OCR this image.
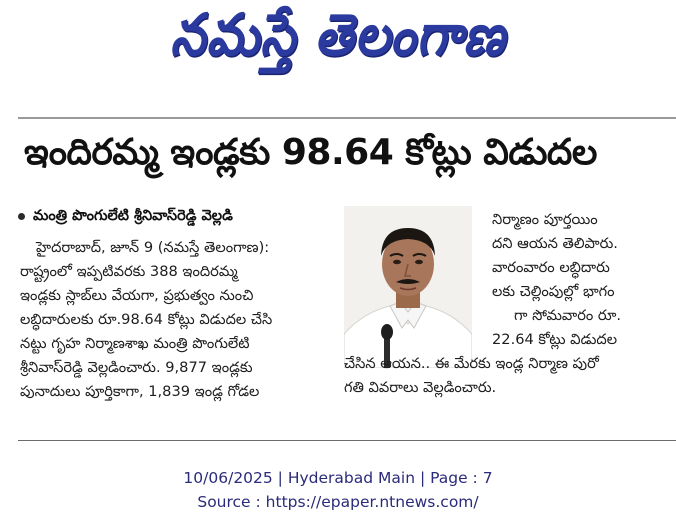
నమస్తే తెలంగాణ
ఇందిరమ్మ ఇండ్లకు 98.64 కోట్లు విడుదల
మంత్రి పొంగులేటి శ్రీనివాస్‌రెడ్డి వెల్లడి
హైదరాబాద్, జూన్ 9 (నమస్తే తెలంగాణ):
రాష్ట్రంలో ఇప్పటివరకు 388 ఇందిరమ్మ
ఇండ్లకు స్లాబ్‌లు వేయగా, ప్రభుత్వం నుంచి
లబ్ధిదారులకు రూ.98.64 కోట్లు విడుదల చేసి
నట్టు గృహ నిర్మాణశాఖ మంత్రి పొంగులేటి
శ్రీనివాస్‌రెడ్డి వెల్లడించారు. 9,877 ఇండ్లకు
పునాదులు పూర్తికాగా, 1,839 ఇండ్ల గోడల
నిర్మాణం పూర్తయిం
దని ఆయన తెలిపారు.
వారంవారం లబ్ధిదారు
లకు చెల్లింపుల్లో భాగం
గా సోమవారం రూ.
22.64 కోట్లు విడుదల
చేసిన ఆయన.. ఈ మేరకు ఇండ్ల నిర్మాణ పురో
గతి వివరాలు వెల్లడించారు.
10/06/2025 | Hyderabad Main | Page : 7
Source : https://epaper.ntnews.com/
